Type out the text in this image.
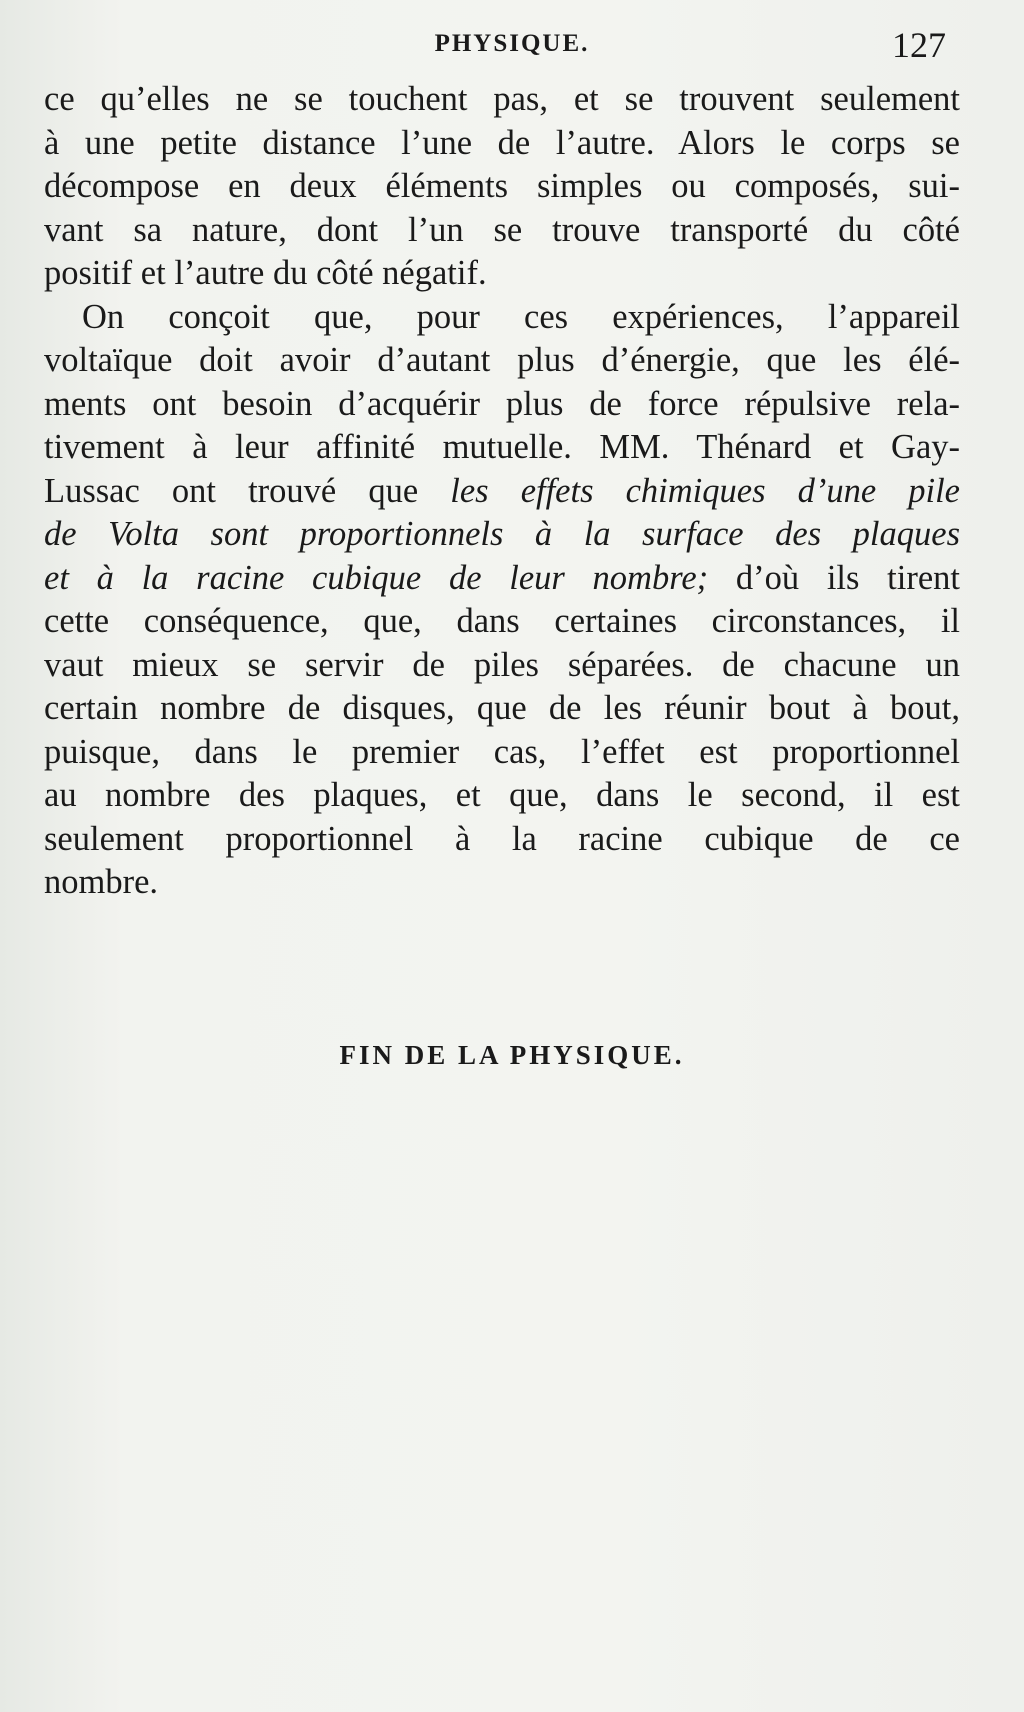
PHYSIQUE.	127
ce qu’elles ne se touchent pas, et se trouvent seulement
à une petite distance l’une de l’autre. Alors le corps se
décompose en deux éléments simples ou composés, sui-
vant sa nature, dont l’un se trouve transporté du côté
positif et l’autre du côté négatif.
On conçoit que, pour ces expériences, l’appareil
voltaïque doit avoir d’autant plus d’énergie, que les élé-
ments ont besoin d’acquérir plus de force répulsive rela-
tivement à leur affinité mutuelle. MM. Thénard et Gay-
Lussac ont trouvé que les effets chimiques d’une pile
de Volta sont proportionnels à la surface des plaques
et à la racine cubique de leur nombre; d’où ils tirent
cette conséquence, que, dans certaines circonstances, il
vaut mieux se servir de piles séparées. de chacune un
certain nombre de disques, que de les réunir bout à bout,
puisque, dans le premier cas, l’effet est proportionnel
au nombre des plaques, et que, dans le second, il est
seulement proportionnel à la racine cubique de ce
nombre.
FIN DE LA PHYSIQUE.
